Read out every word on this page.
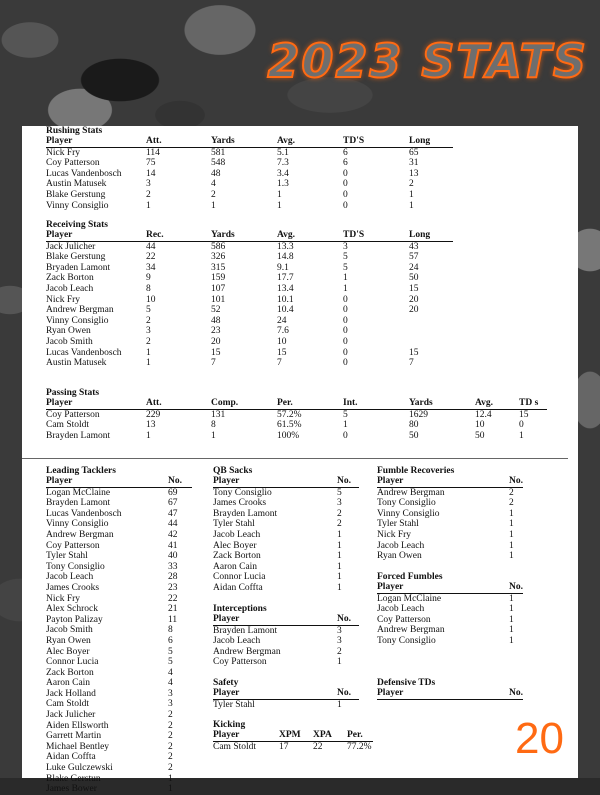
2023 STATS
Rushing Stats
Player	Att.	Yards	Avg.	TD'S	Long
Nick Fry	114	581	5.1	6	65
Coy Patterson	75	548	7.3	6	31
Lucas Vandenbosch	14	48	3.4	0	13
Austin Matusek	3	4	1.3	0	2
Blake Gerstung	2	2	1	0	1
Vinny Consiglio	1	1	1	0	1
Receiving Stats
Player	Rec.	Yards	Avg.	TD'S	Long
Jack Julicher	44	586	13.3	3	43
Blake Gerstung	22	326	14.8	5	57
Bryaden Lamont	34	315	9.1	5	24
Zack Borton	9	159	17.7	1	50
Jacob Leach	8	107	13.4	1	15
Nick Fry	10	101	10.1	0	20
Andrew Bergman	5	52	10.4	0	20
Vinny Consiglio	2	48	24	0	
Ryan Owen	3	23	7.6	0	
Jacob Smith	2	20	10	0	
Lucas Vandenbosch	1	15	15	0	15
Austin Matusek	1	7	7	0	7
Passing Stats
Player	Att.	Comp.	Per.	Int.	Yards	Avg.	TD s
Coy Patterson	229	131	57.2%	5	1629	12.4	15
Cam Stoldt	13	8	61.5%	1	80	10	0
Brayden Lamont	1	1	100%	0	50	50	1
Leading Tacklers
Player	No.
Logan McClaine	69
Brayden Lamont	67
Lucas Vandenbosch	47
Vinny Consiglio	44
Andrew Bergman	42
Coy Patterson	41
Tyler Stahl	40
Tony Consiglio	33
Jacob Leach	28
James Crooks	23
Nick Fry	22
Alex Schrock	21
Payton Palizay	11
Jacob Smith	8
Ryan Owen	6
Alec Boyer	5
Connor Lucia	5
Zack Borton	4
Aaron Cain	4
Jack Holland	3
Cam Stoldt	3
Jack Julicher	2
Aiden Ellsworth	2
Garrett Martin	2
Michael Bentley	2
Aidan Coffta	2
Luke Gulczewski	2
Blake Gerstun	1
James Bower	1
QB Sacks
Player	No.
Tony Consiglio	5
James Crooks	3
Brayden Lamont	2
Tyler Stahl	2
Jacob Leach	1
Alec Boyer	1
Zack Borton	1
Aaron Cain	1
Connor Lucia	1
Aidan Coffta	1
Interceptions
Player	No.
Brayden Lamont	3
Jacob Leach	3
Andrew Bergman	2
Coy Patterson	1
Safety
Player	No.
Tyler Stahl	1
Kicking
Player	XPM	XPA	Per.
Cam Stoldt	17	22	77.2%
Fumble Recoveries
Player	No.
Andrew Bergman	2
Tony Consiglio	2
Vinny Consiglio	1
Tyler Stahl	1
Nick Fry	1
Jacob Leach	1
Ryan Owen	1
Forced Fumbles
Player	No.
Logan McClaine	1
Jacob Leach	1
Coy Patterson	1
Andrew Bergman	1
Tony Consiglio	1
Defensive TDs
Player	No.
20
